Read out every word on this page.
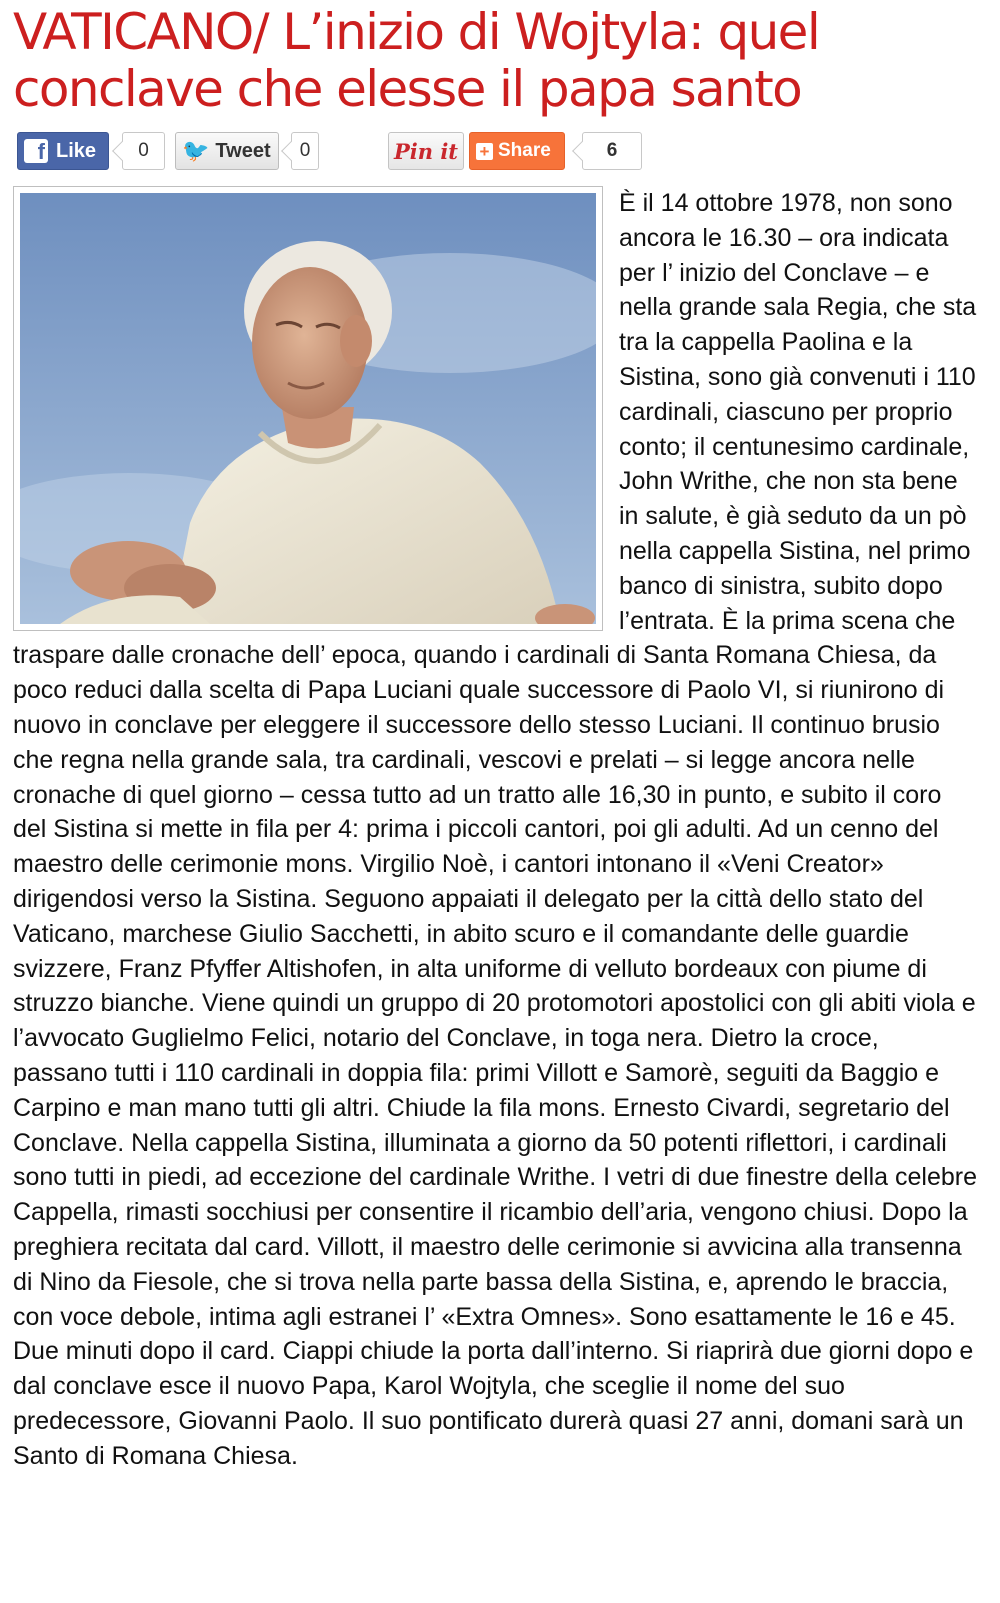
VATICANO/ L’inizio di Wojtyla: quel conclave che elesse il papa santo
f Like	0	🐦 Tweet	0	Pin it + Share	6

È il 14 ottobre 1978, non sono ancora le 16.30 – ora indicata per l’ inizio del Conclave – e nella grande sala Regia, che sta tra la cappella Paolina e la Sistina, sono già convenuti i 110 cardinali, ciascuno per proprio conto; il centunesimo cardinale, John Writhe, che non sta bene in salute, è già seduto da un pò nella cappella Sistina, nel primo banco di sinistra, subito dopo l’entrata. È la prima scena che traspare dalle cronache dell’ epoca, quando i cardinali di Santa Romana Chiesa, da poco reduci dalla scelta di Papa Luciani quale successore di Paolo VI, si riunirono di nuovo in conclave per eleggere il successore dello stesso Luciani. Il continuo brusio che regna nella grande sala, tra cardinali, vescovi e prelati – si legge ancora nelle cronache di quel giorno – cessa tutto ad un tratto alle 16,30 in punto, e subito il coro del Sistina si mette in fila per 4: prima i piccoli cantori, poi gli adulti. Ad un cenno del maestro delle cerimonie mons. Virgilio Noè, i cantori intonano il «Veni Creator» dirigendosi verso la Sistina. Seguono appaiati il delegato per la città dello stato del Vaticano, marchese Giulio Sacchetti, in abito scuro e il comandante delle guardie svizzere, Franz Pfyffer Altishofen, in alta uniforme di velluto bordeaux con piume di struzzo bianche. Viene quindi un gruppo di 20 protomotori apostolici con gli abiti viola e l’avvocato Guglielmo Felici, notario del Conclave, in toga nera. Dietro la croce, passano tutti i 110 cardinali in doppia fila: primi Villott e Samorè, seguiti da Baggio e Carpino e man mano tutti gli altri. Chiude la fila mons. Ernesto Civardi, segretario del Conclave. Nella cappella Sistina, illuminata a giorno da 50 potenti riflettori, i cardinali sono tutti in piedi, ad eccezione del cardinale Writhe. I vetri di due finestre della celebre Cappella, rimasti socchiusi per consentire il ricambio dell’aria, vengono chiusi. Dopo la preghiera recitata dal card. Villott, il maestro delle cerimonie si avvicina alla transenna di Nino da Fiesole, che si trova nella parte bassa della Sistina, e, aprendo le braccia, con voce debole, intima agli estranei l’ «Extra Omnes». Sono esattamente le 16 e 45. Due minuti dopo il card. Ciappi chiude la porta dall’interno. Si riaprirà due giorni dopo e dal conclave esce il nuovo Papa, Karol Wojtyla, che sceglie il nome del suo predecessore, Giovanni Paolo. Il suo pontificato durerà quasi 27 anni, domani sarà un Santo di Romana Chiesa.
